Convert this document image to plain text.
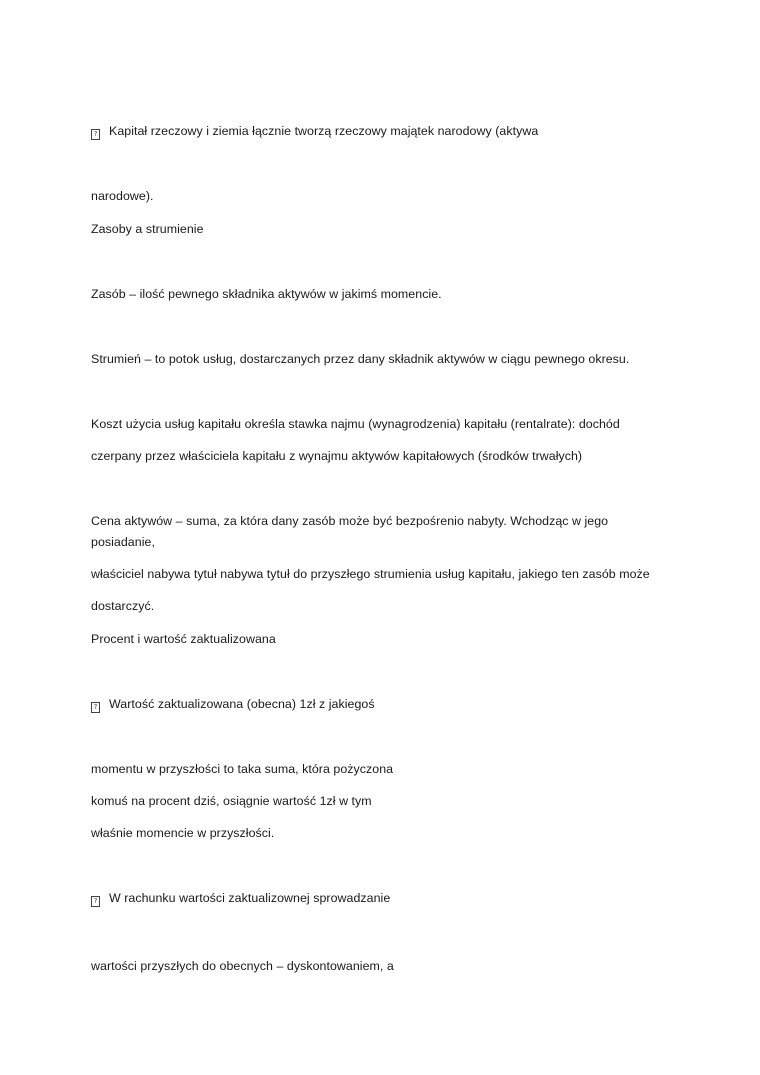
? Kapitał rzeczowy i ziemia łącznie tworzą rzeczowy majątek narodowy (aktywa
narodowe).
Zasoby a strumienie
Zasób – ilość pewnego składnika aktywów w jakimś momencie.
Strumień – to potok usług, dostarczanych przez dany składnik aktywów w ciągu pewnego okresu.
Koszt użycia usług kapitału określa stawka najmu (wynagrodzenia) kapitału (rentalrate): dochód
czerpany przez właściciela kapitału z wynajmu aktywów kapitałowych (środków trwałych)
Cena aktywów – suma, za która dany zasób może być bezpośrenio nabyty. Wchodząc w jego
posiadanie,
właściciel nabywa tytuł nabywa tytuł do przyszłego strumienia usług kapitału, jakiego ten zasób może
dostarczyć.
Procent i wartość zaktualizowana
? Wartość zaktualizowana (obecna) 1zł z jakiegoś
momentu w przyszłości to taka suma, która pożyczona
komuś na procent dziś, osiągnie wartość 1zł w tym
właśnie momencie w przyszłości.
? W rachunku wartości zaktualizownej sprowadzanie
wartości przyszłych do obecnych – dyskontowaniem, a
